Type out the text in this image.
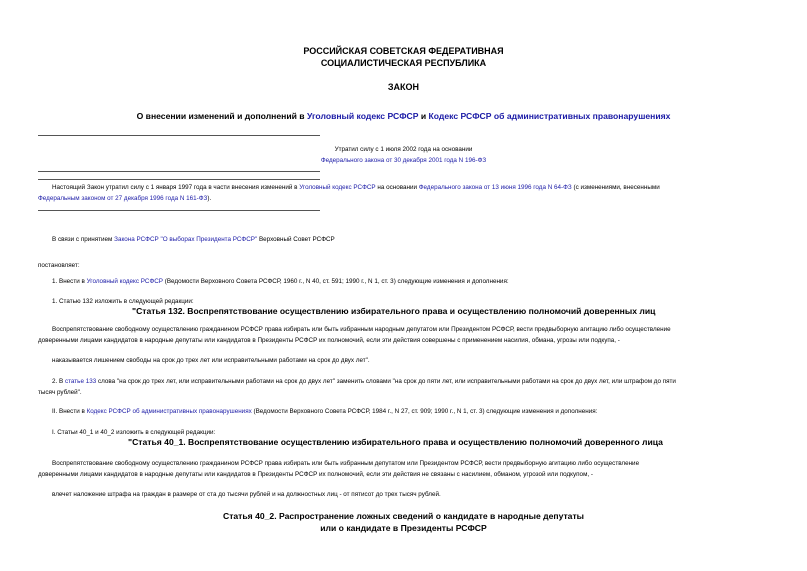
РОССИЙСКАЯ СОВЕТСКАЯ ФЕДЕРАТИВНАЯ
СОЦИАЛИСТИЧЕСКАЯ РЕСПУБЛИКА
ЗАКОН
О внесении изменений и дополнений в Уголовный кодекс РСФСР и Кодекс РСФСР об административных правонарушениях
Утратил силу с 1 июля 2002 года на основании
Федерального закона от 30 декабря 2001 года N 196-ФЗ
Настоящий Закон утратил силу с 1 января 1997 года в части внесения изменений в Уголовный кодекс РСФСР на основании Федерального закона от 13 июня 1996 года N 64-ФЗ (с изменениями, внесенными
Федеральным законом от 27 декабря 1996 года N 161-ФЗ).
В связи с принятием Закона РСФСР "О выборах Президента РСФСР" Верховный Совет РСФСР
постановляет:
1. Внести в Уголовный кодекс РСФСР (Ведомости Верховного Совета РСФСР, 1960 г., N 40, ст. 591; 1990 г., N 1, ст. 3) следующие изменения и дополнения:
1. Статью 132 изложить в следующей редакции:
"Статья 132. Воспрепятствование осуществлению избирательного права и осуществлению полномочий доверенных лиц
Воспрепятствование свободному осуществлению гражданином РСФСР права избирать или быть избранным народным депутатом или Президентом РСФСР, вести предвыборную агитацию либо осуществление
доверенными лицами кандидатов в народные депутаты или кандидатов в Президенты РСФСР их полномочий, если эти действия совершены с применением насилия, обмана, угрозы или подкупа, -
наказывается лишением свободы на срок до трех лет или исправительными работами на срок до двух лет".
2. В статье 133 слова "на срок до трех лет, или исправительными работами на срок до двух лет" заменить словами "на срок до пяти лет, или исправительными работами на срок до двух лет, или штрафом до пяти
тысяч рублей".
II. Внести в Кодекс РСФСР об административных правонарушениях (Ведомости Верховного Совета РСФСР, 1984 г., N 27, ст. 909; 1990 г., N 1, ст. 3) следующие изменения и дополнения:
I. Статьи 40_1 и 40_2 изложить в следующей редакции:
"Статья 40_1. Воспрепятствование осуществлению избирательного права и осуществлению полномочий доверенного лица
Воспрепятствование свободному осуществлению гражданином РСФСР права избирать или быть избранным депутатом или Президентом РСФСР, вести предвыборную агитацию либо осуществление
доверенными лицами кандидатов в народные депутаты или кандидатов в Президенты РСФСР их полномочий, если эти действия не связаны с насилием, обманом, угрозой или подкупом, -
влечет наложение штрафа на граждан в размере от ста до тысячи рублей и на должностных лиц - от пятисот до трех тысяч рублей.
Статья 40_2. Распространение ложных сведений о кандидате в народные депутаты
или о кандидате в Президенты РСФСР
